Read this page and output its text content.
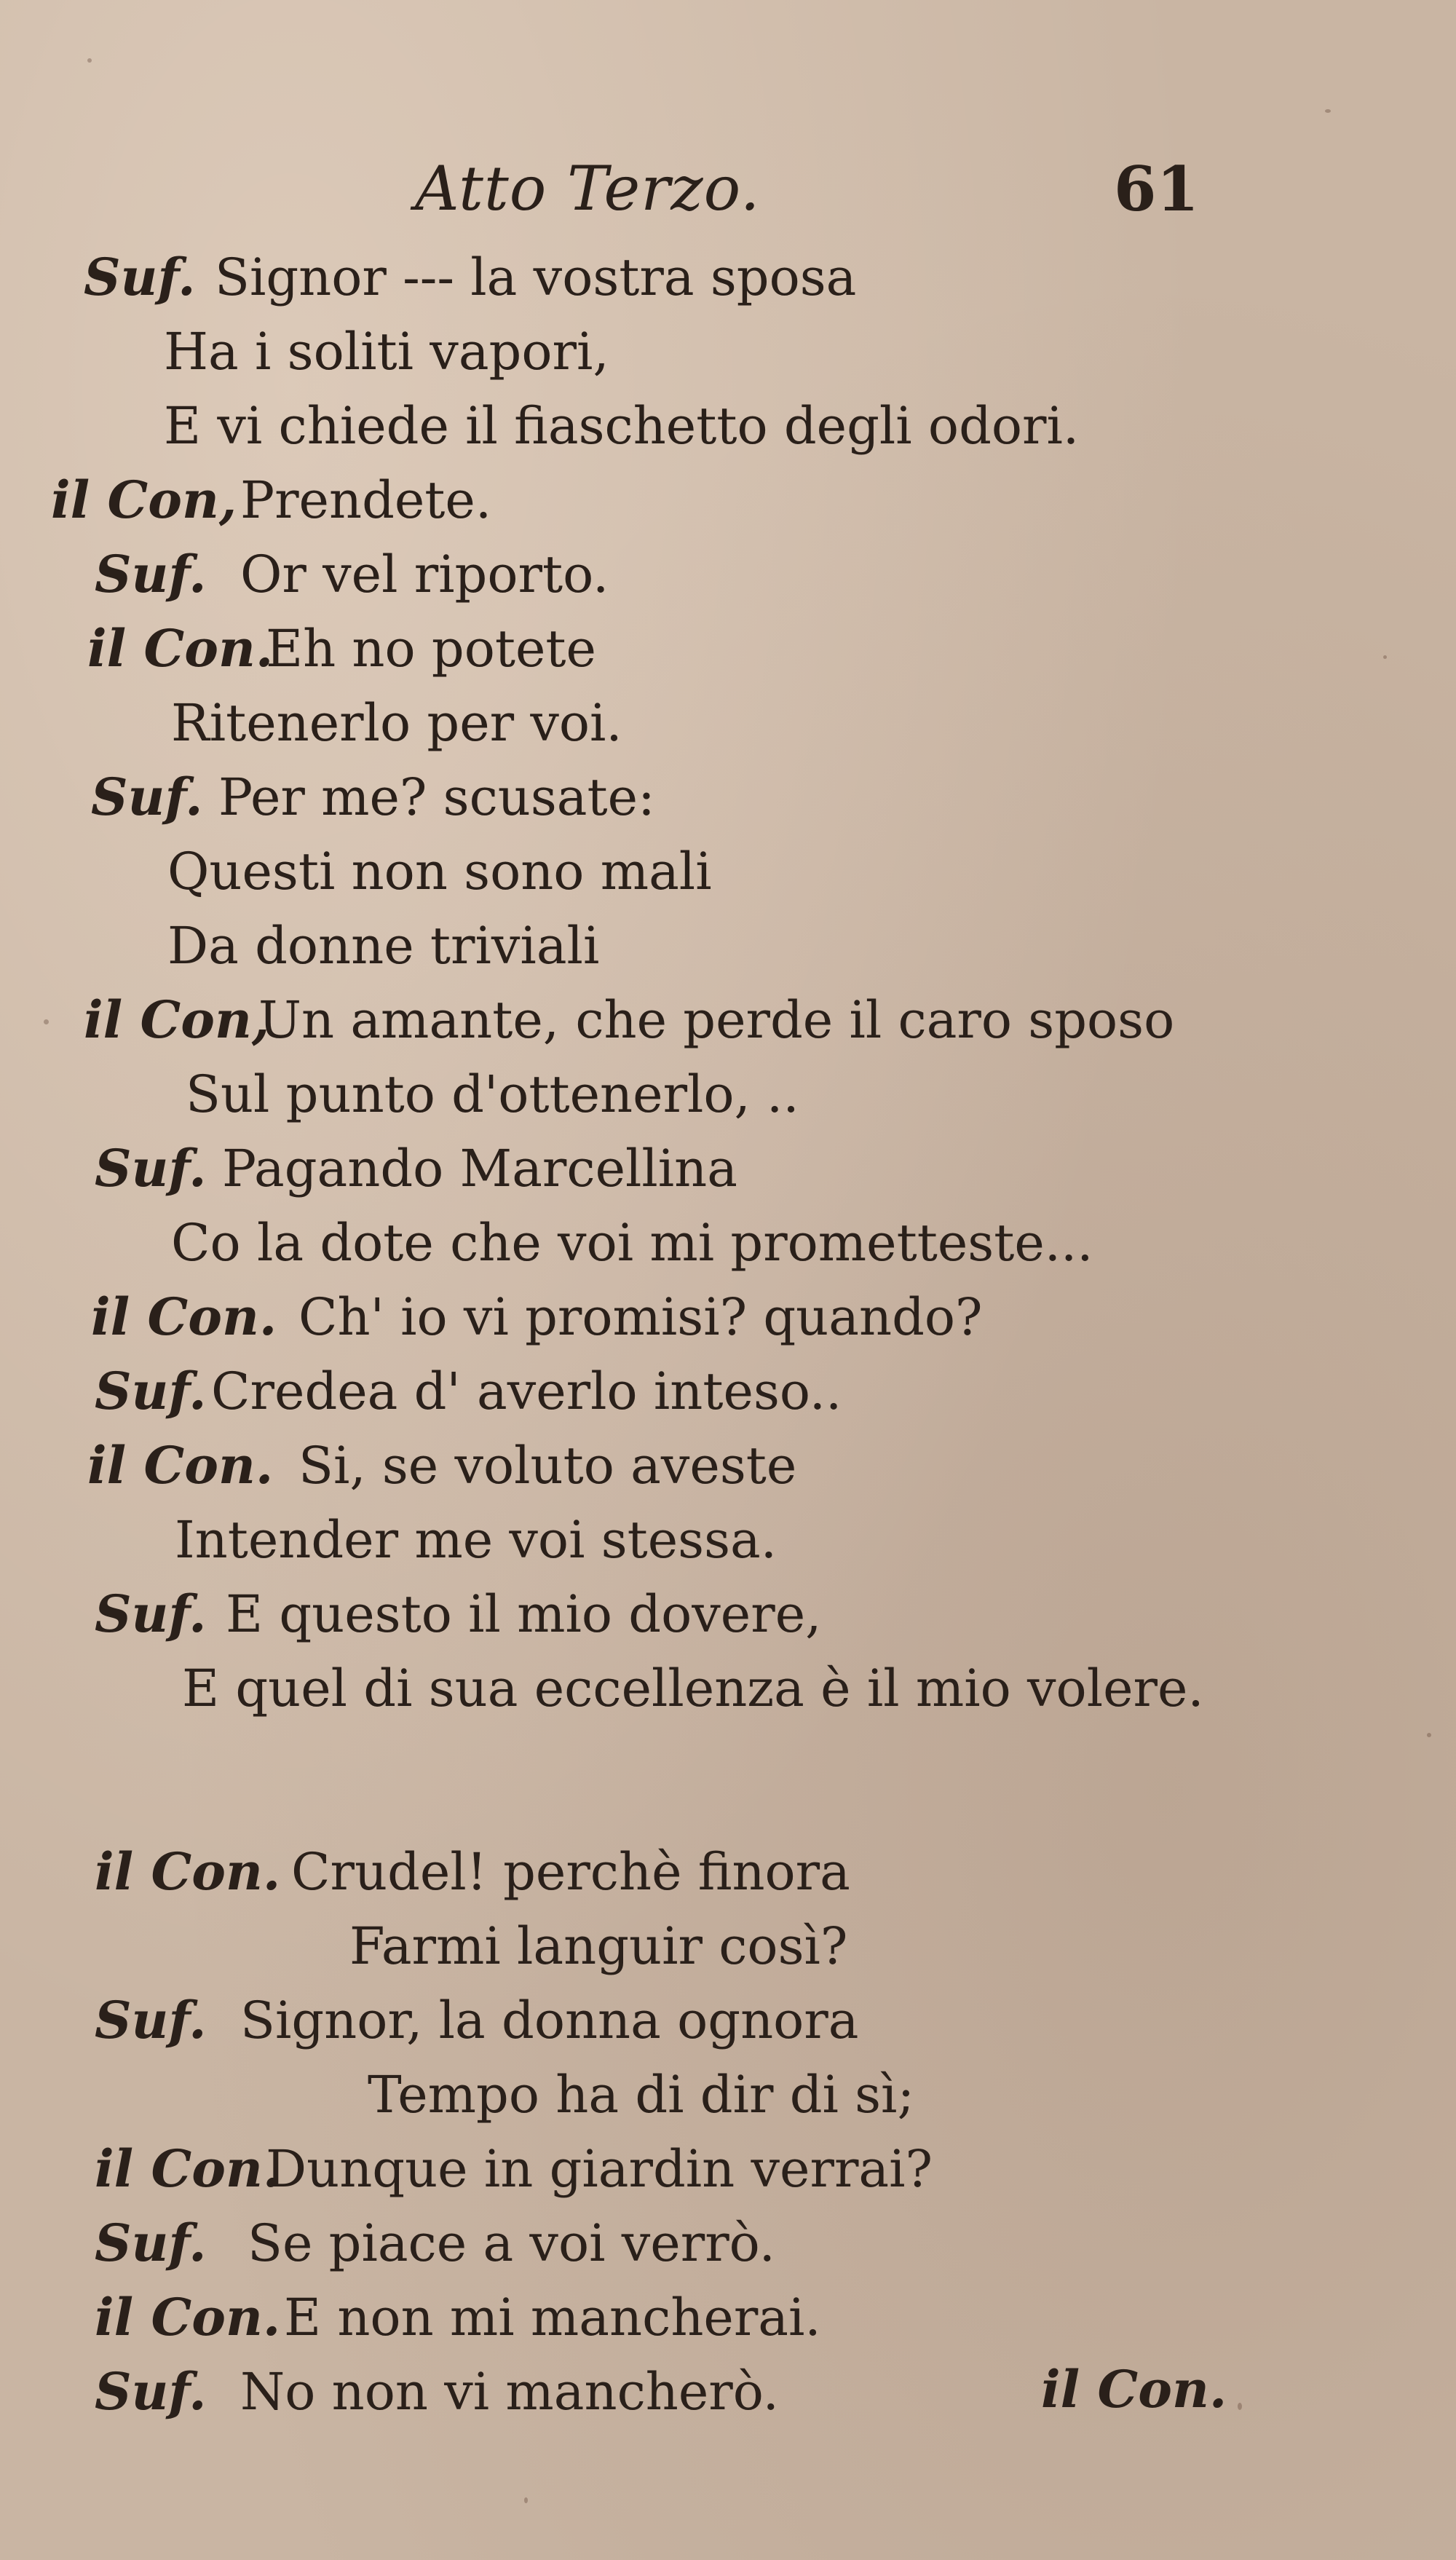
Atto Terzo.	61
Suf. Signor --- la vostra sposa
Ha i soliti vapori,
E vi chiede il fiaschetto degli odori.
il Con, Prendete.
Suf. Or vel riporto.
il Con.
Eh no potete
Ritenerlo per voi.
Suf. Per me? scusate:
Questi non sono mali
Da donne triviali
il Con,
Un amante, che perde il caro sposo
Sul punto d'ottenerlo, ..
Suf. Pagando Marcellina
Co la dote che voi mi prometteste...
il Con. Ch' io vi promisi? quando?
Suf. Credea d' averlo inteso..
il Con. Si, se voluto aveste
Intender me voi stessa.
Suf. E questo il mio dovere,
E quel di sua eccellenza è il mio volere.
il Con. Crudel! perchè finora
Farmi languir così?
Suf. Signor, la donna ognora
Tempo ha di dir di sì;
il Con.
Dunque in giardin verrai?
Suf. Se piace a voi verrò.
il Con. E non mi mancherai.
Suf. No non vi mancherò.	il Con.
